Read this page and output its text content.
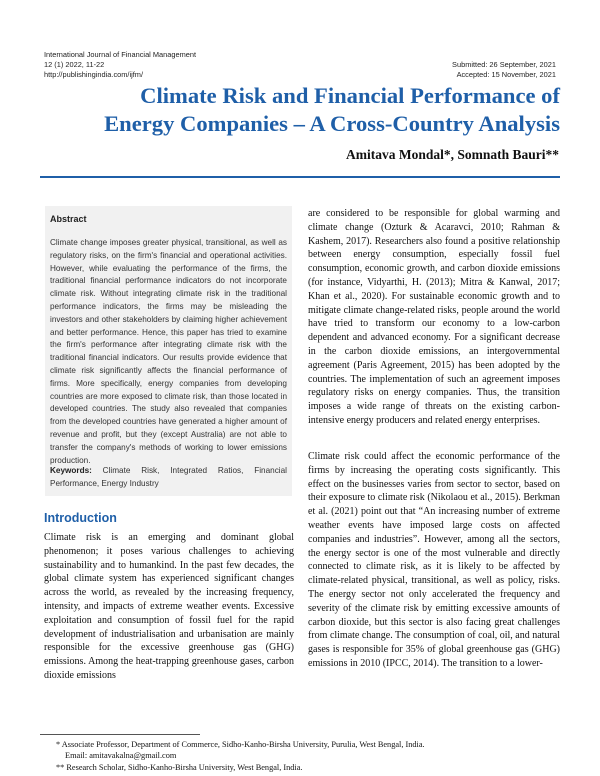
International Journal of Financial Management
12 (1) 2022, 11-22
http://publishingindia.com/ijfm/
Submitted: 26 September, 2021
Accepted: 15 November, 2021
Climate Risk and Financial Performance of
Energy Companies – A Cross-Country Analysis
Amitava Mondal*, Somnath Bauri**
Abstract
Climate change imposes greater physical, transitional, as well as regulatory risks, on the firm's financial and operational activities. However, while evaluating the performance of the firms, the traditional financial performance indicators do not incorporate climate risk. Without integrating climate risk in the traditional performance indicators, the firms may be misleading the investors and other stakeholders by claiming higher achievement and better performance. Hence, this paper has tried to examine the firm's performance after integrating climate risk with the traditional financial indicators. Our results provide evidence that climate risk significantly affects the financial performance of firms. More specifically, energy companies from developing countries are more exposed to climate risk, than those located in developed countries. The study also revealed that companies from the developed countries have generated a higher amount of revenue and profit, but they (except Australia) are not able to transfer the company's methods of working to lower emissions production.
Keywords: Climate Risk, Integrated Ratios, Financial Performance, Energy Industry
Introduction
Climate risk is an emerging and dominant global phenomenon; it poses various challenges to achieving sustainability and to humankind. In the past few decades, the global climate system has experienced significant changes across the world, as revealed by the increasing frequency, intensity, and impacts of extreme weather events. Excessive exploitation and consumption of fossil fuel for the rapid development of industrialisation and urbanisation are mainly responsible for the excessive greenhouse gas (GHG) emissions. Among the heat-trapping greenhouse gases, carbon dioxide emissions
are considered to be responsible for global warming and climate change (Ozturk & Acaravci, 2010; Rahman & Kashem, 2017). Researchers also found a positive relationship between energy consumption, especially fossil fuel consumption, economic growth, and carbon dioxide emissions (for instance, Vidyarthi, H. (2013); Mitra & Kanwal, 2017; Khan et al., 2020). For sustainable economic growth and to mitigate climate change-related risks, people around the world have tried to transform our economy to a low-carbon dependent and advanced economy. For a significant decrease in the carbon dioxide emissions, an intergovernmental agreement (Paris Agreement, 2015) has been adopted by the countries. The implementation of such an agreement imposes regulatory risks on energy companies. Thus, the transition imposes a wide range of threats on the existing carbon-intensive energy producers and related energy enterprises.
Climate risk could affect the economic performance of the firms by increasing the operating costs significantly. This effect on the businesses varies from sector to sector, based on their exposure to climate risk (Nikolaou et al., 2015). Berkman et al. (2021) point out that “An increasing number of extreme weather events have imposed large costs on affected companies and industries”. However, among all the sectors, the energy sector is one of the most vulnerable and directly connected to climate risk, as it is likely to be affected by climate-related physical, transitional, as well as policy, risks. The energy sector not only accelerated the frequency and severity of the climate risk by emitting excessive amounts of carbon dioxide, but this sector is also facing great challenges from climate change. The consumption of coal, oil, and natural gases is responsible for 35% of global greenhouse gas (GHG) emissions in 2010 (IPCC, 2014). The transition to a lower-
* Associate Professor, Department of Commerce, Sidho-Kanho-Birsha University, Purulia, West Bengal, India.
Email: amitavakalna@gmail.com
** Research Scholar, Sidho-Kanho-Birsha University, West Bengal, India.
